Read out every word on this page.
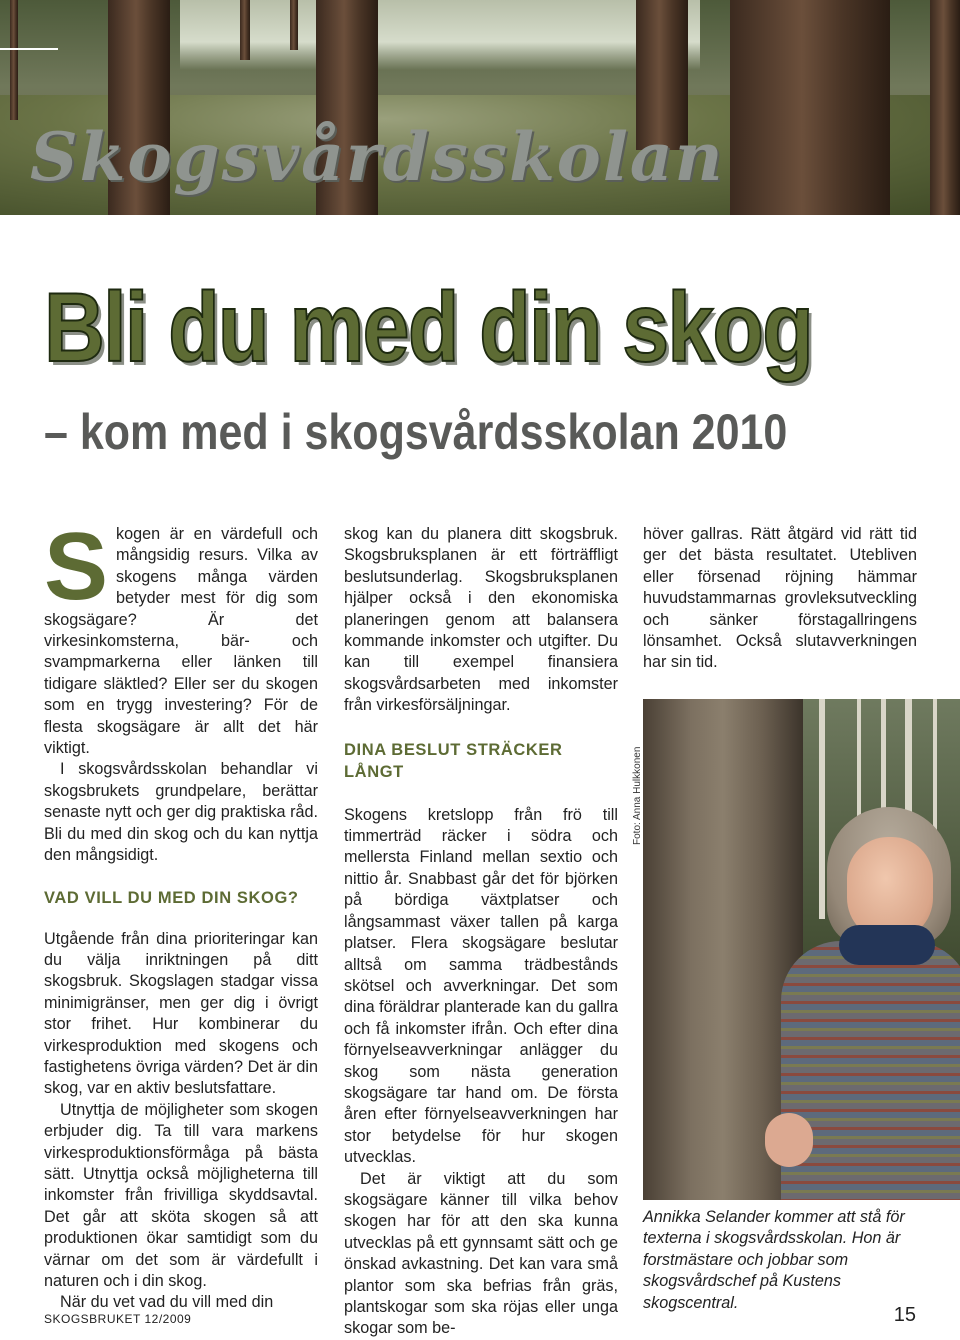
Skogsvårdsskolan
Bli du med din skog
– kom med i skogsvårdsskolan 2010

Skogen är en värdefull och mångsidig resurs. Vilka av skogens många värden betyder mest för dig som skogsägare? Är det virkesinkomsterna, bär- och svampmarkerna eller länken till tidigare släktled? Eller ser du skogen som en trygg investering? För de flesta skogsägare är allt det här viktigt.

I skogsvårdsskolan behandlar vi skogsbrukets grundpelare, berättar senaste nytt och ger dig praktiska råd. Bli du med din skog och du kan nyttja den mångsidigt.

VAD VILL DU MED DIN SKOG?

Utgående från dina prioriteringar kan du välja inriktningen på ditt skogsbruk. Skogslagen stadgar vissa minimigränser, men ger dig i övrigt stor frihet. Hur kombinerar du virkesproduktion med skogens och fastighetens övriga värden? Det är din skog, var en aktiv beslutsfattare.

Utnyttja de möjligheter som skogen erbjuder dig. Ta till vara markens virkesproduktionsförmåga på bästa sätt. Utnyttja också möjligheterna till inkomster från frivilliga skyddsavtal. Det går att sköta skogen så att produktionen ökar samtidigt som du värnar om det som är värdefullt i naturen och i din skog.

När du vet vad du vill med din

skog kan du planera ditt skogsbruk. Skogsbruksplanen är ett förträffligt beslutsunderlag. Skogsbruksplanen hjälper också i den ekonomiska planeringen genom att balansera kommande inkomster och utgifter. Du kan till exempel finansiera skogsvårdsarbeten med inkomster från virkesförsäljningar.

DINA BESLUT STRÄCKER LÅNGT

Skogens kretslopp från frö till timmerträd räcker i södra och mellersta Finland mellan sextio och nittio år. Snabbast går det för björken på bördiga växtplatser och långsammast växer tallen på karga platser. Flera skogsägare beslutar alltså om samma trädbestånds skötsel och avverkningar. Det som dina föräldrar planterade kan du gallra och få inkomster ifrån. Och efter dina förnyelseavverkningar anlägger du skog som nästa generation skogsägare tar hand om. De första åren efter förnyelseavverkningen har stor betydelse för hur skogen utvecklas.

Det är viktigt att du som skogsägare känner till vilka behov skogen har för att den ska kunna utvecklas på ett gynnsamt sätt och ge önskad avkastning. Det kan vara små plantor som ska befrias från gräs, plantskogar som ska röjas eller unga skogar som be-

höver gallras. Rätt åtgärd vid rätt tid ger det bästa resultatet. Utebliven eller försenad röjning hämmar huvudstammarnas grovleksutveckling och sänker förstagallringens lönsamhet. Också slutavverkningen har sin tid.

Foto: Anna Hulkkonen

Annikka Selander kommer att stå för texterna i skogsvårdsskolan. Hon är forstmästare och jobbar som skogsvårdschef på Kustens skogscentral.

SKOGSBRUKET 12/2009	15
